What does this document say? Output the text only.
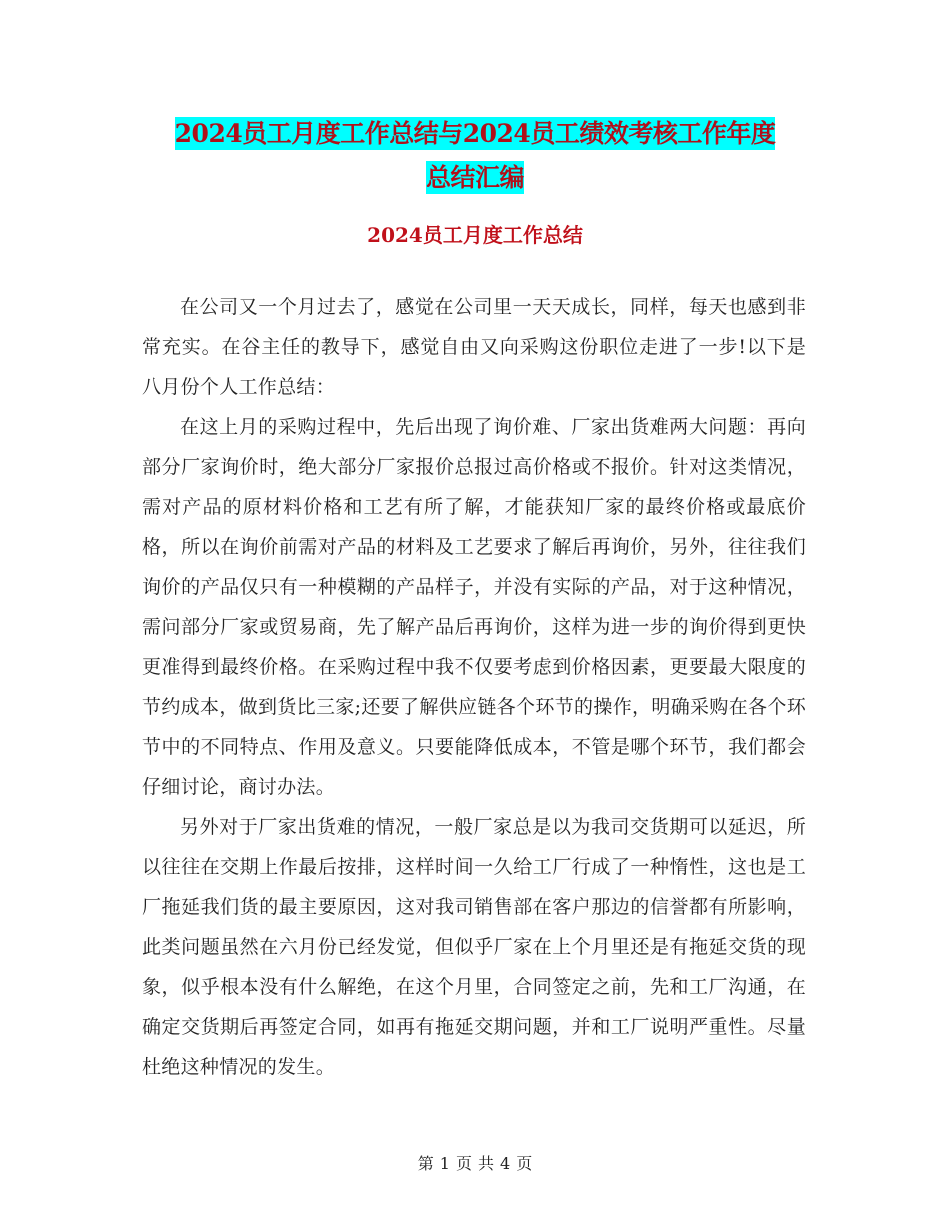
2024员工月度工作总结与2024员工绩效考核工作年度
总结汇编
2024员工月度工作总结

在公司又一个月过去了，感觉在公司里一天天成长，同样，每天也感到非常充实。在谷主任的教导下，感觉自由又向采购这份职位走进了一步!以下是八月份个人工作总结：

在这上月的采购过程中，先后出现了询价难、厂家出货难两大问题：再向部分厂家询价时，绝大部分厂家报价总报过高价格或不报价。针对这类情况，需对产品的原材料价格和工艺有所了解，才能获知厂家的最终价格或最底价格，所以在询价前需对产品的材料及工艺要求了解后再询价，另外，往往我们询价的产品仅只有一种模糊的产品样子，并没有实际的产品，对于这种情况，需问部分厂家或贸易商，先了解产品后再询价，这样为进一步的询价得到更快更准得到最终价格。在采购过程中我不仅要考虑到价格因素，更要最大限度的节约成本，做到货比三家;还要了解供应链各个环节的操作，明确采购在各个环节中的不同特点、作用及意义。只要能降低成本，不管是哪个环节，我们都会仔细讨论，商讨办法。

另外对于厂家出货难的情况，一般厂家总是以为我司交货期可以延迟，所以往往在交期上作最后按排，这样时间一久给工厂行成了一种惰性，这也是工厂拖延我们货的最主要原因，这对我司销售部在客户那边的信誉都有所影响，此类问题虽然在六月份已经发觉，但似乎厂家在上个月里还是有拖延交货的现象，似乎根本没有什么解绝，在这个月里，合同签定之前，先和工厂沟通，在确定交货期后再签定合同，如再有拖延交期问题，并和工厂说明严重性。尽量杜绝这种情况的发生。

第 1 页 共 4 页
